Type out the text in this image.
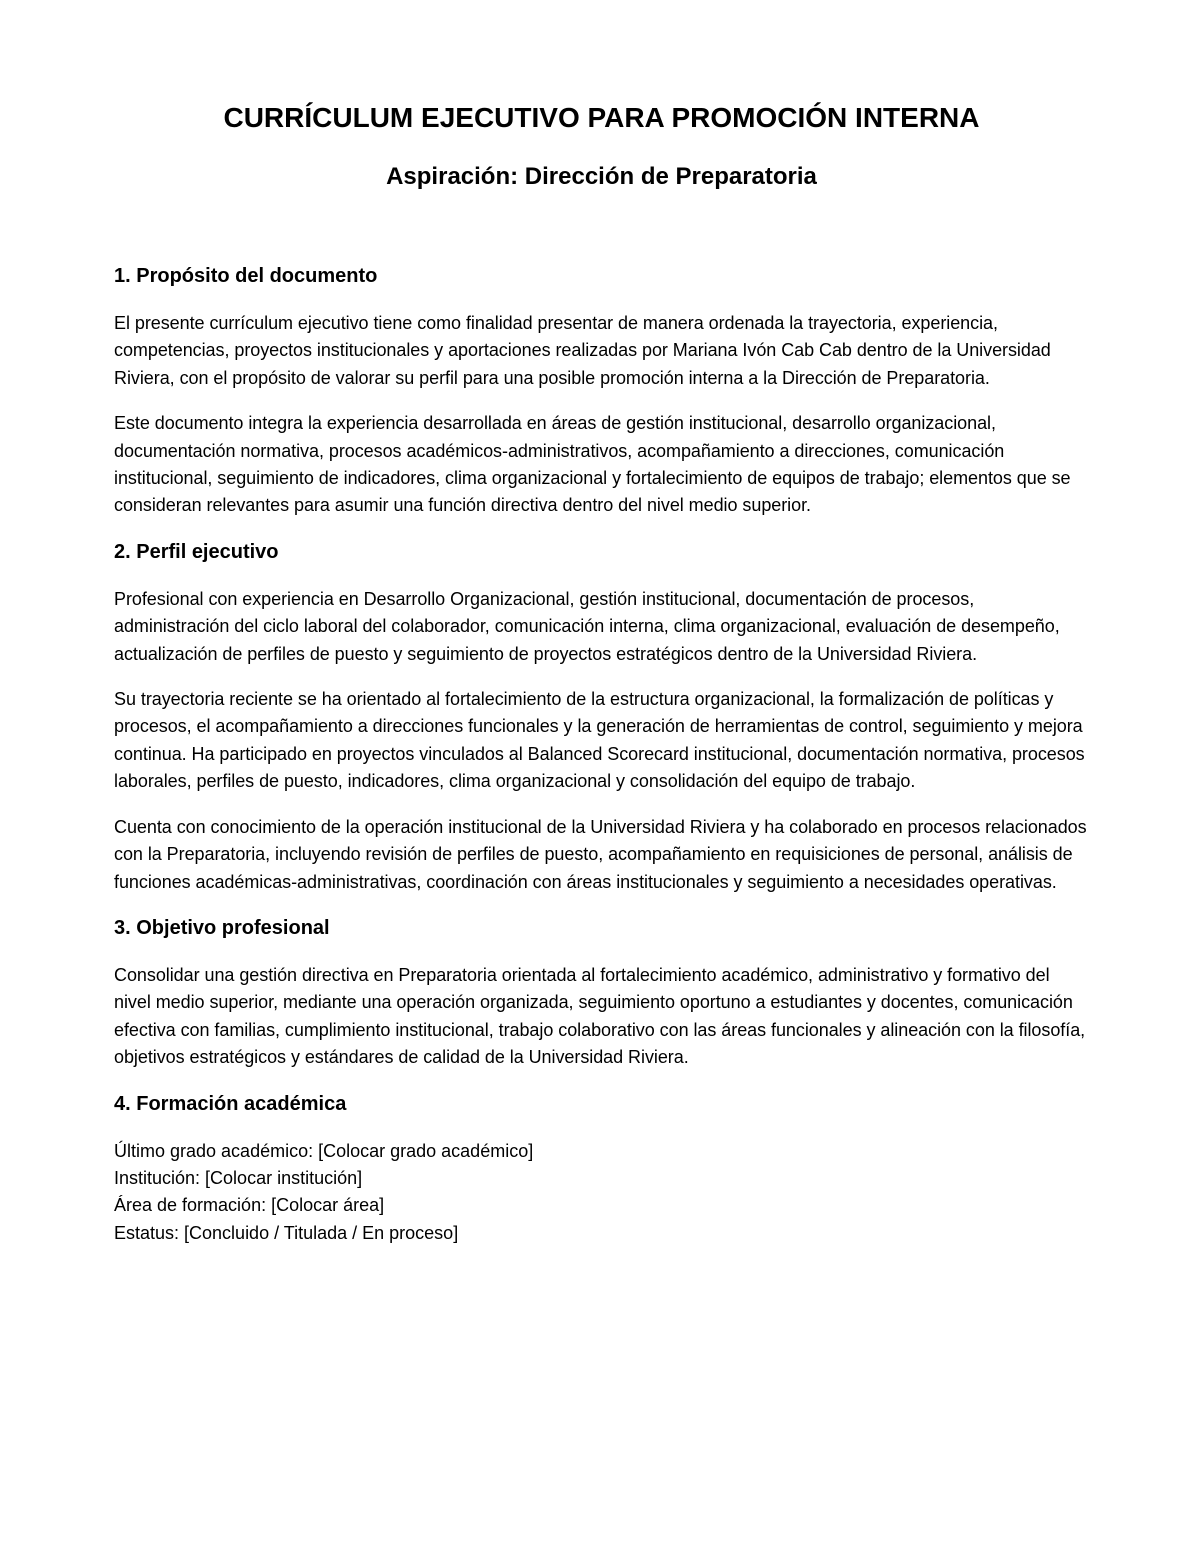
CURRÍCULUM EJECUTIVO PARA PROMOCIÓN INTERNA
Aspiración: Dirección de Preparatoria
1. Propósito del documento

El presente currículum ejecutivo tiene como finalidad presentar de manera ordenada la trayectoria, experiencia, competencias, proyectos institucionales y aportaciones realizadas por Mariana Ivón Cab Cab dentro de la Universidad Riviera, con el propósito de valorar su perfil para una posible promoción interna a la Dirección de Preparatoria.

Este documento integra la experiencia desarrollada en áreas de gestión institucional, desarrollo organizacional, documentación normativa, procesos académicos-administrativos, acompañamiento a direcciones, comunicación institucional, seguimiento de indicadores, clima organizacional y fortalecimiento de equipos de trabajo; elementos que se consideran relevantes para asumir una función directiva dentro del nivel medio superior.

2. Perfil ejecutivo

Profesional con experiencia en Desarrollo Organizacional, gestión institucional, documentación de procesos, administración del ciclo laboral del colaborador, comunicación interna, clima organizacional, evaluación de desempeño, actualización de perfiles de puesto y seguimiento de proyectos estratégicos dentro de la Universidad Riviera.

Su trayectoria reciente se ha orientado al fortalecimiento de la estructura organizacional, la formalización de políticas y procesos, el acompañamiento a direcciones funcionales y la generación de herramientas de control, seguimiento y mejora continua. Ha participado en proyectos vinculados al Balanced Scorecard institucional, documentación normativa, procesos laborales, perfiles de puesto, indicadores, clima organizacional y consolidación del equipo de trabajo.

Cuenta con conocimiento de la operación institucional de la Universidad Riviera y ha colaborado en procesos relacionados con la Preparatoria, incluyendo revisión de perfiles de puesto, acompañamiento en requisiciones de personal, análisis de funciones académicas-administrativas, coordinación con áreas institucionales y seguimiento a necesidades operativas.

3. Objetivo profesional

Consolidar una gestión directiva en Preparatoria orientada al fortalecimiento académico, administrativo y formativo del nivel medio superior, mediante una operación organizada, seguimiento oportuno a estudiantes y docentes, comunicación efectiva con familias, cumplimiento institucional, trabajo colaborativo con las áreas funcionales y alineación con la filosofía, objetivos estratégicos y estándares de calidad de la Universidad Riviera.

4. Formación académica
Último grado académico: [Colocar grado académico]
Institución: [Colocar institución]
Área de formación: [Colocar área]
Estatus: [Concluido / Titulada / En proceso]
